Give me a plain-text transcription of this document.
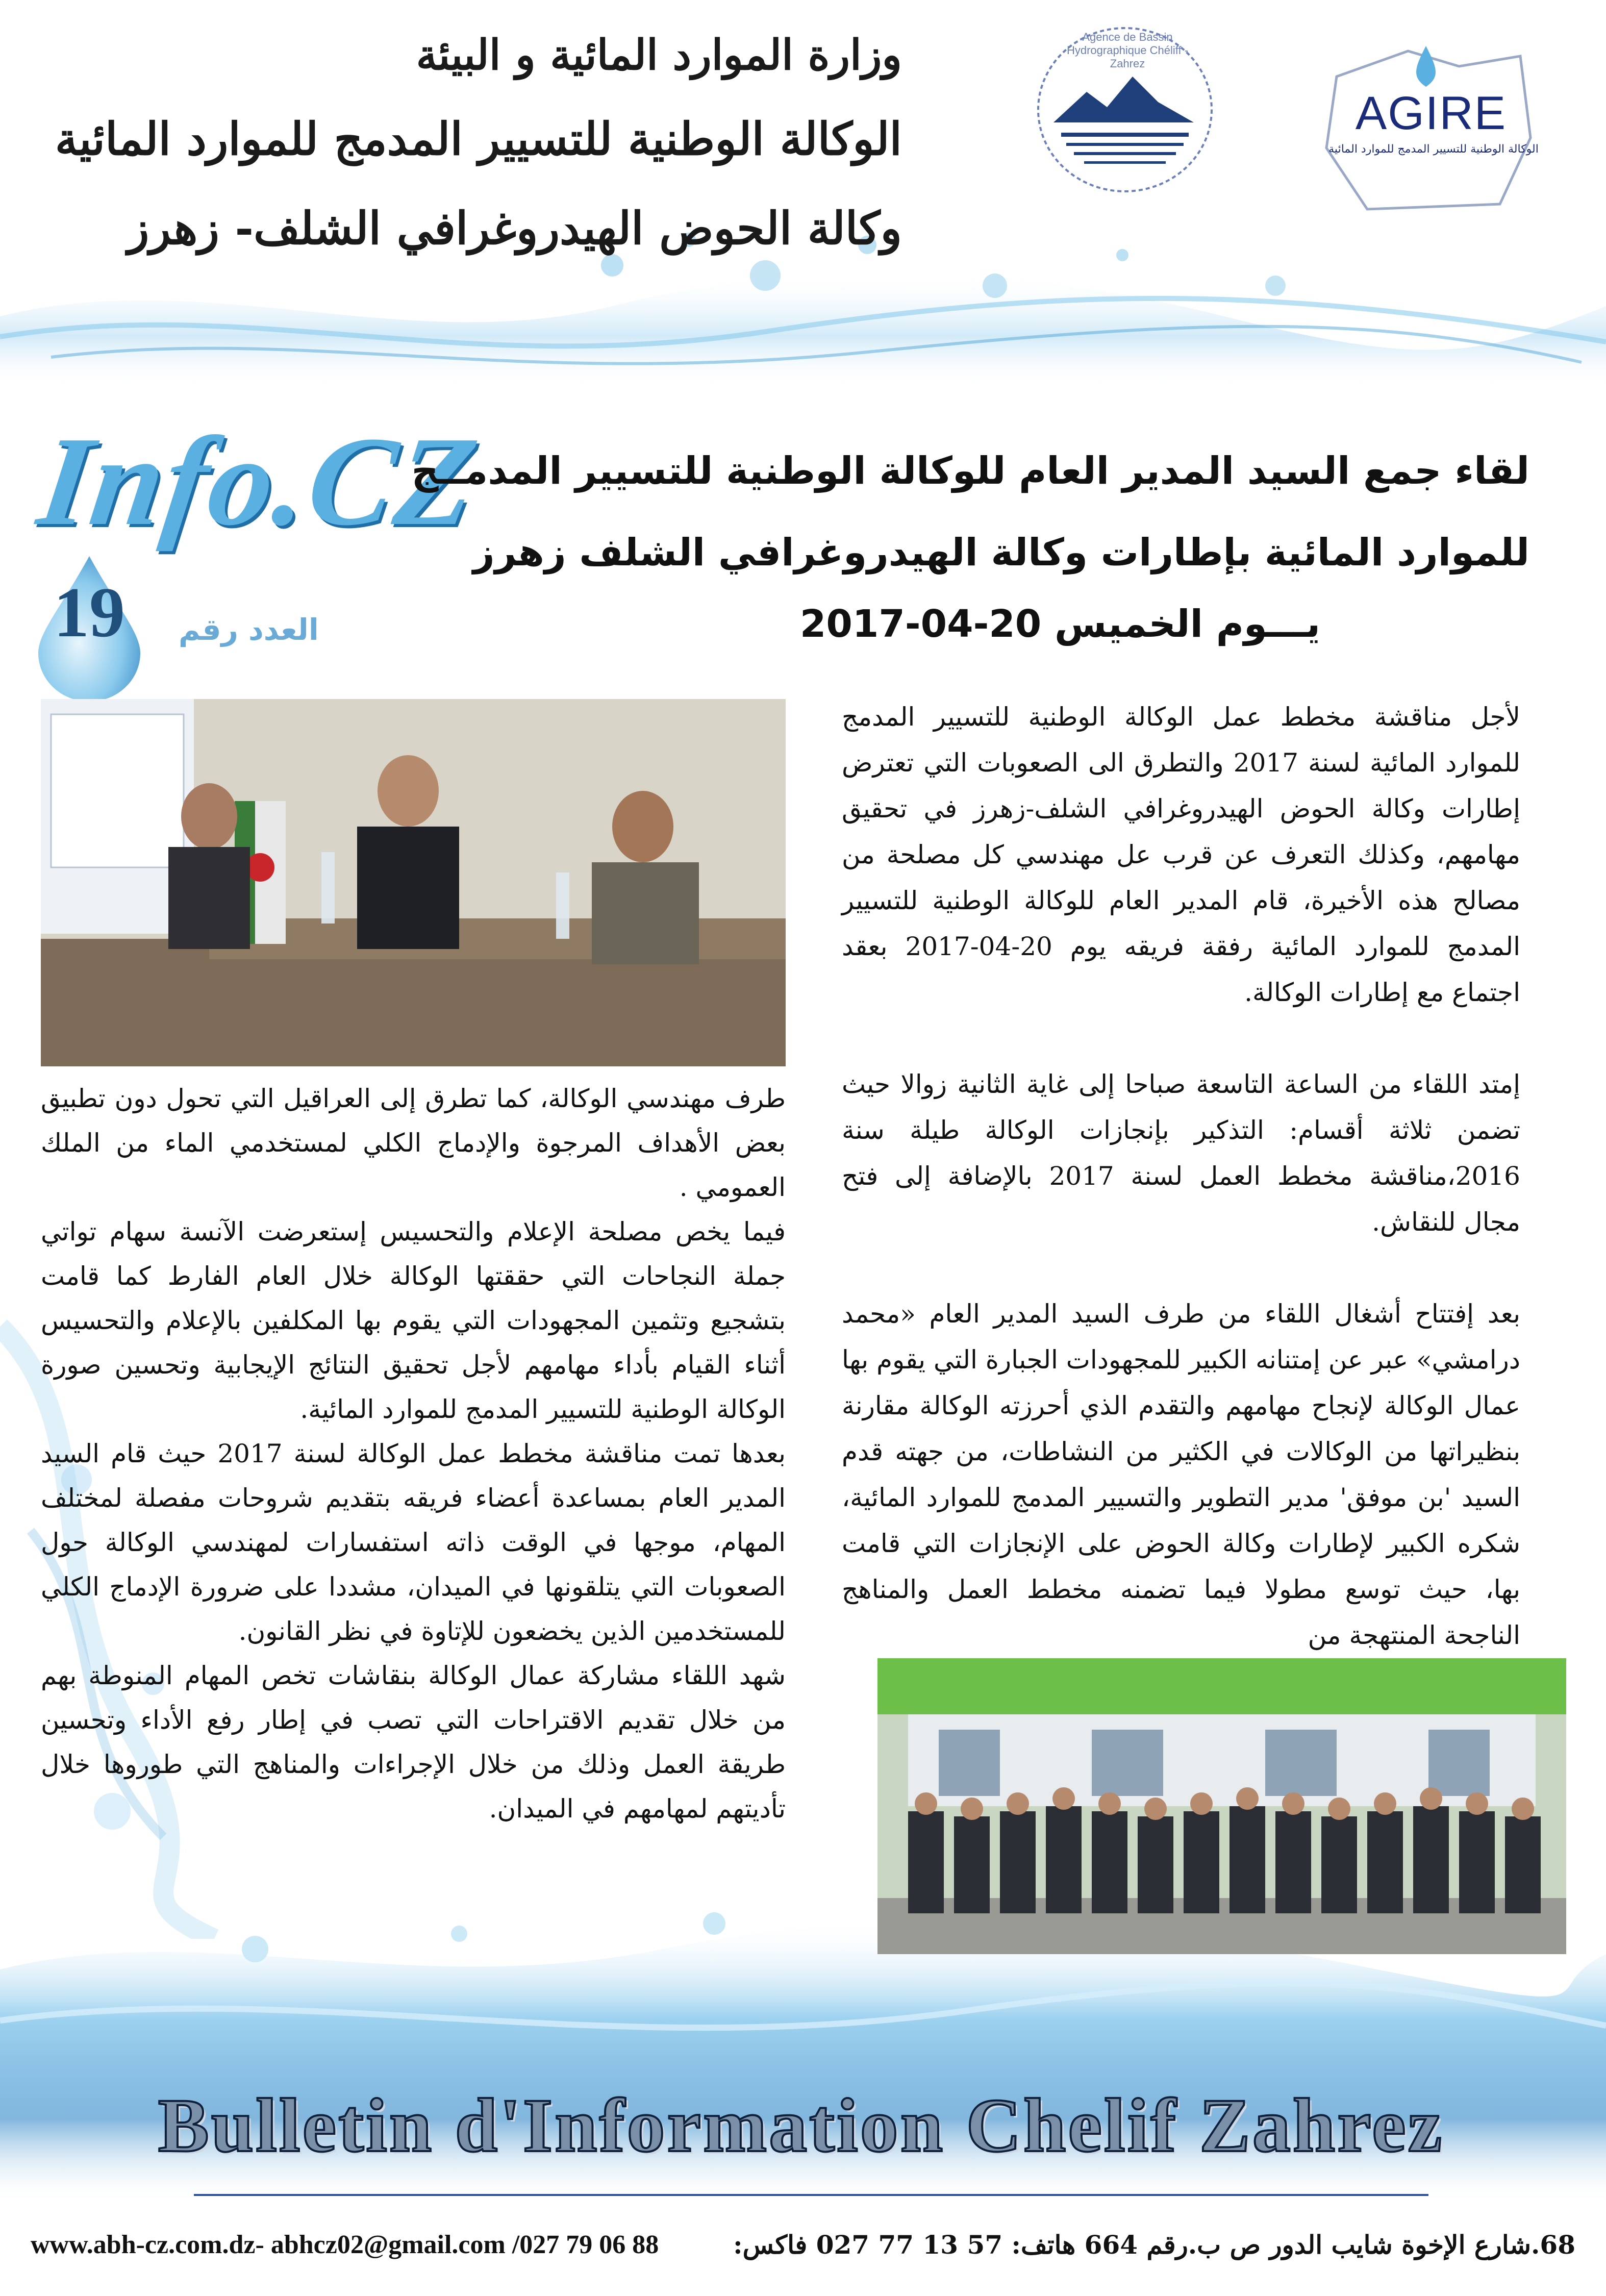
وزارة الموارد المائية و البيئة
الوكالة الوطنية للتسيير المدمج للموارد المائية
وكالة الحوض الهيدروغرافي الشلف- زهرز
Agence de Bassin Hydrographique Chéliff - Zahrez
AGIRE
الوكالة الوطنية للتسيير المدمج للموارد المائية
Info.CZ
19 العدد رقم
لقاء جمع السيد المدير العام للوكالة الوطنية للتسيير المدمــج
للموارد المائية بإطارات وكالة الهيدروغرافي الشلف زهرز
يـــوم الخميس 20-04-2017

لأجل مناقشة مخطط عمل الوكالة الوطنية للتسيير المدمج للموارد المائية لسنة 2017 والتطرق الى الصعوبات التي تعترض إطارات وكالة الحوض الهيدروغرافي الشلف-زهرز في تحقيق مهامهم، وكذلك التعرف عن قرب عل مهندسي كل مصلحة من مصالح هذه الأخيرة، قام المدير العام للوكالة الوطنية للتسيير المدمج للموارد المائية رفقة فريقه يوم 20-04-2017 بعقد اجتماع مع إطارات الوكالة.

إمتد اللقاء من الساعة التاسعة صباحا إلى غاية الثانية زوالا حيث تضمن ثلاثة أقسام: التذكير بإنجازات الوكالة طيلة سنة 2016،مناقشة مخطط العمل لسنة 2017 بالإضافة إلى فتح مجال للنقاش.

بعد إفتتاح أشغال اللقاء من طرف السيد المدير العام «محمد درامشي» عبر عن إمتنانه الكبير للمجهودات الجبارة التي يقوم بها عمال الوكالة لإنجاح مهامهم والتقدم الذي أحرزته الوكالة مقارنة بنظيراتها من الوكالات في الكثير من النشاطات، من جهته قدم السيد 'بن موفق' مدير التطوير والتسيير المدمج للموارد المائية، شكره الكبير لإطارات وكالة الحوض على الإنجازات التي قامت بها، حيث توسع مطولا فيما تضمنه مخطط العمل والمناهج الناجحة المنتهجة من

طرف مهندسي الوكالة، كما تطرق إلى العراقيل التي تحول دون تطبيق بعض الأهداف المرجوة والإدماج الكلي لمستخدمي الماء من الملك العمومي .

فيما يخص مصلحة الإعلام والتحسيس إستعرضت الآنسة سهام تواتي جملة النجاحات التي حققتها الوكالة خلال العام الفارط كما قامت بتشجيع وتثمين المجهودات التي يقوم بها المكلفين بالإعلام والتحسيس أثناء القيام بأداء مهامهم لأجل تحقيق النتائج الإيجابية وتحسين صورة الوكالة الوطنية للتسيير المدمج للموارد المائية.

بعدها تمت مناقشة مخطط عمل الوكالة لسنة 2017 حيث قام السيد المدير العام بمساعدة أعضاء فريقه بتقديم شروحات مفصلة لمختلف المهام، موجها في الوقت ذاته استفسارات لمهندسي الوكالة حول الصعوبات التي يتلقونها في الميدان، مشددا على ضرورة الإدماج الكلي للمستخدمين الذين يخضعون للإتاوة في نظر القانون.

شهد اللقاء مشاركة عمال الوكالة بنقاشات تخص المهام المنوطة بهم من خلال تقديم الاقتراحات التي تصب في إطار رفع الأداء وتحسين طريقة العمل وذلك من خلال الإجراءات والمناهج التي طوروها خلال تأديتهم لمهامهم في الميدان.

Bulletin d'Information Chelif Zahrez
www.abh-cz.com.dz- abhcz02@gmail.com /027 79 06 88	68.شارع الإخوة شايب الدور ص ب.رقم 664 هاتف: 57 13 77 027 فاكس:
